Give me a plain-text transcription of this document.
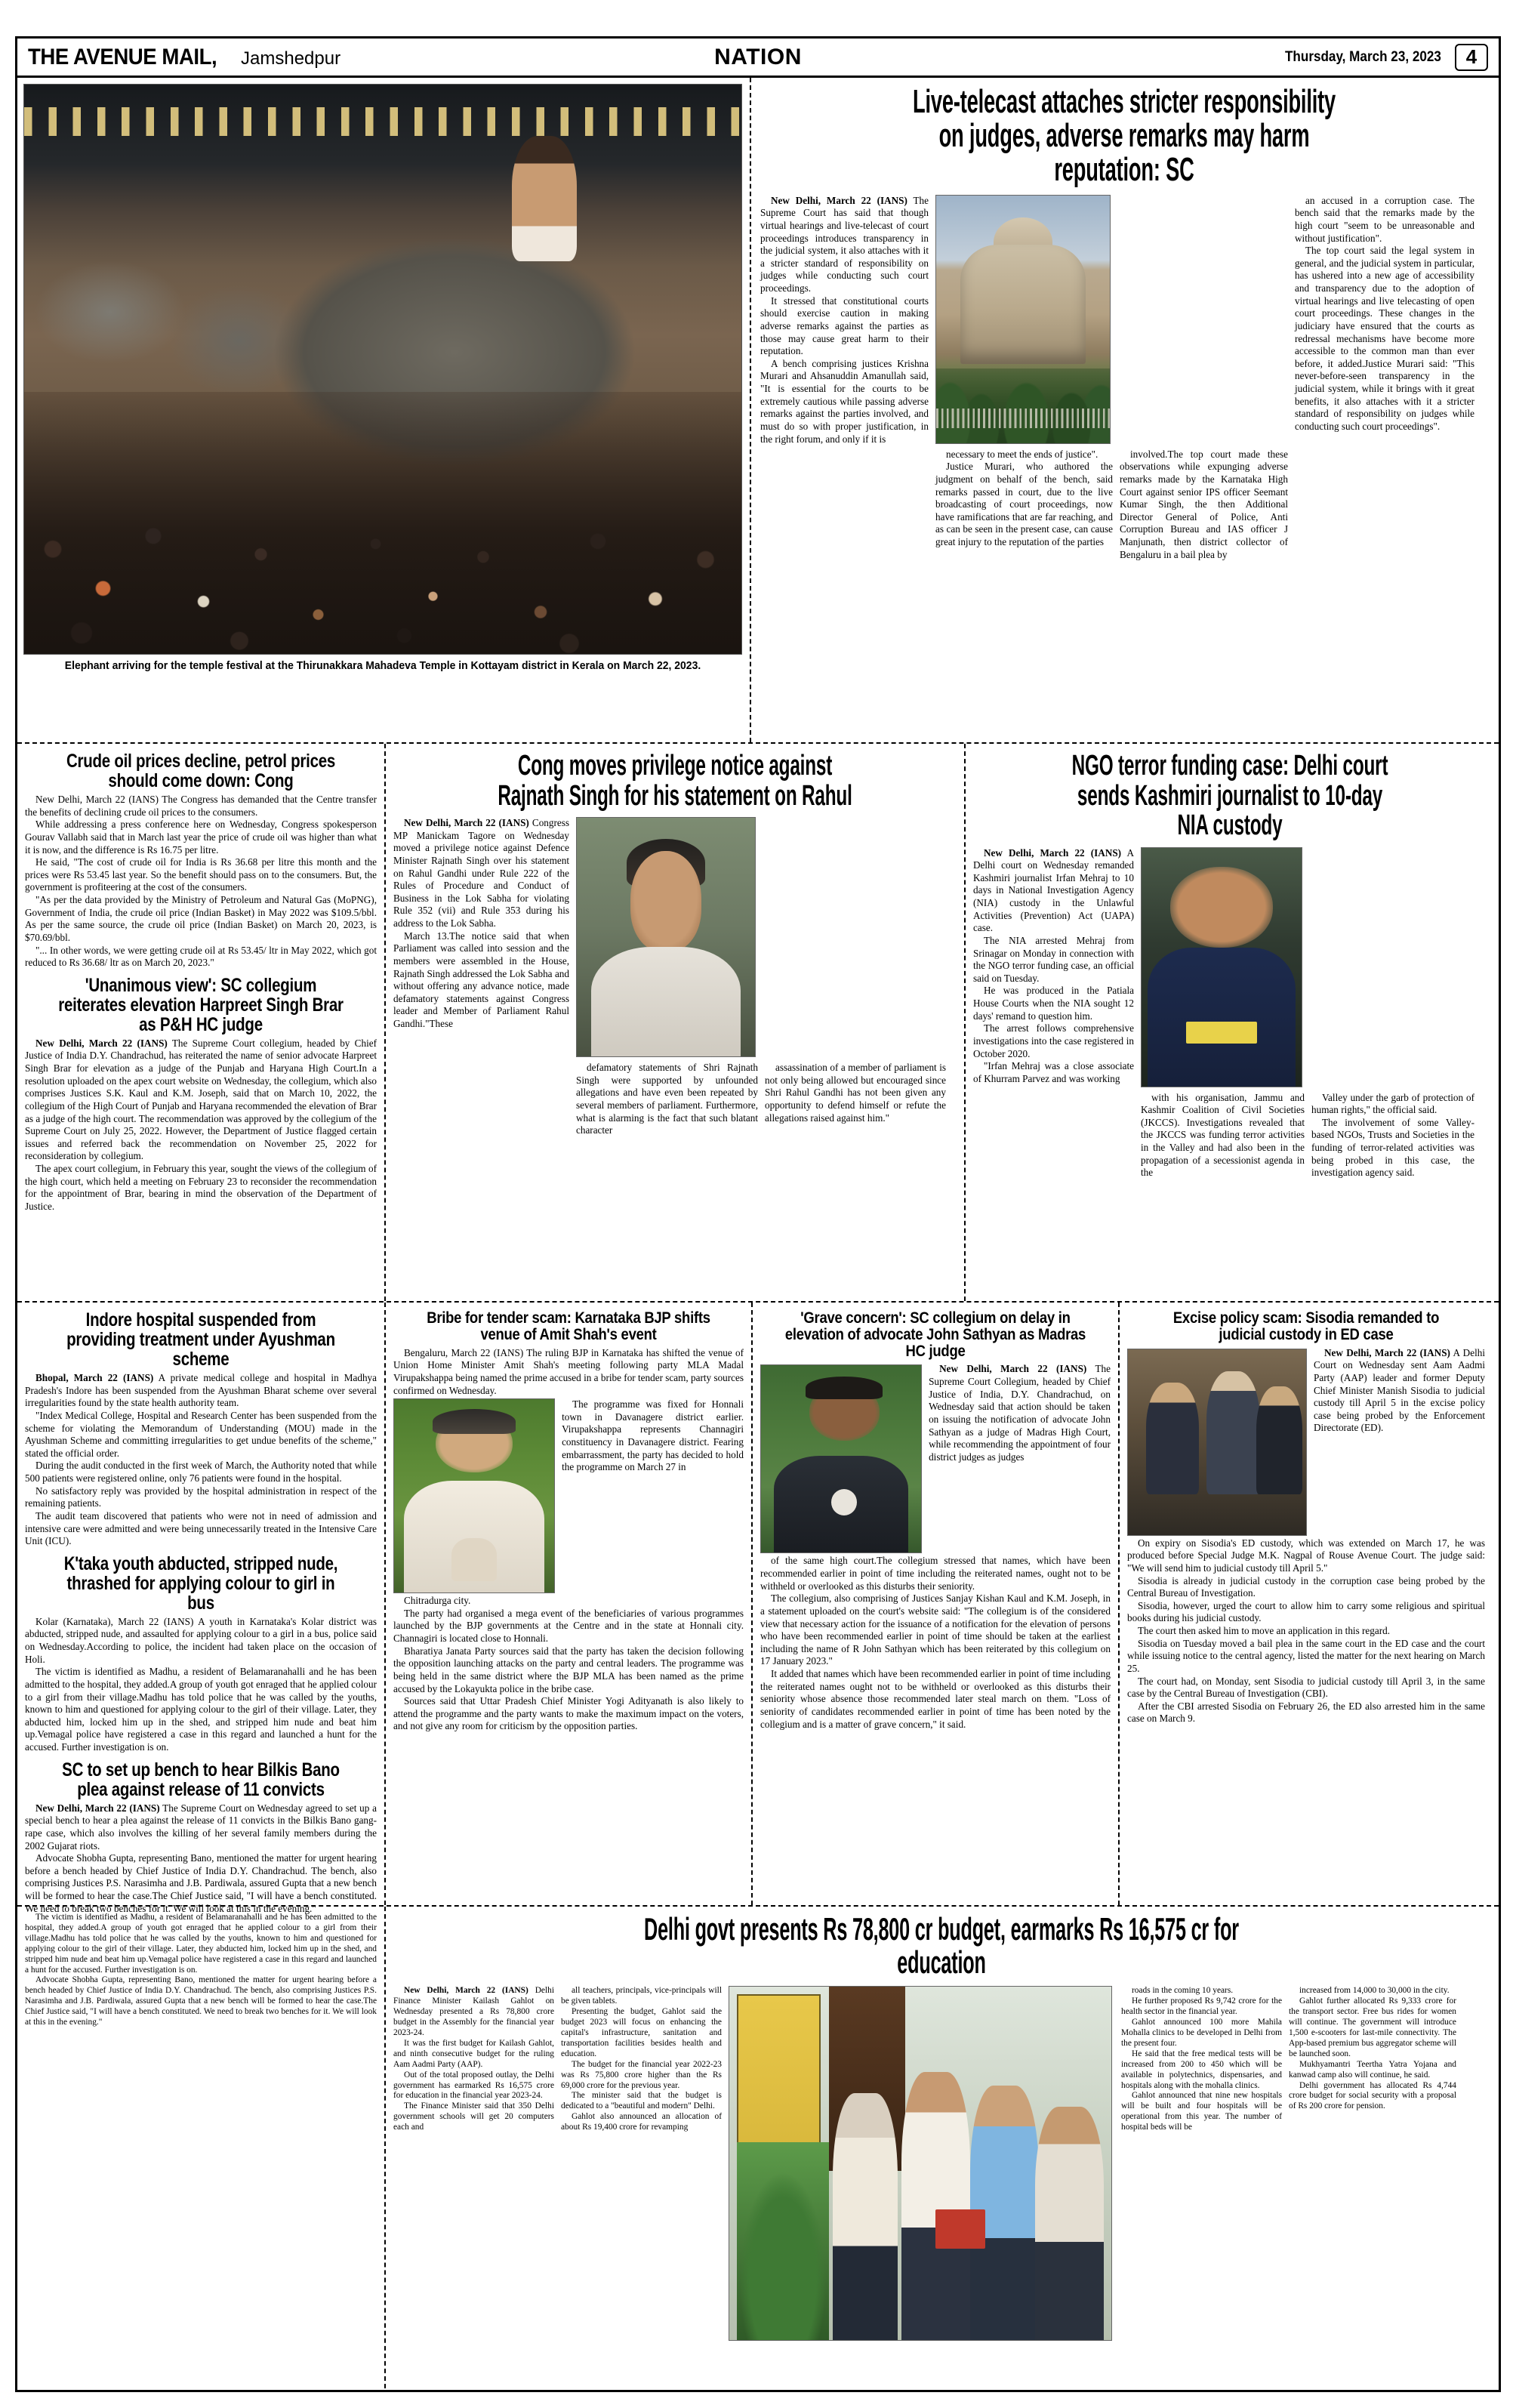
THE AVENUE MAIL, Jamshedpur	NATION	Thursday, March 23, 2023	4
Elephant arriving for the temple festival at the Thirunakkara Mahadeva Temple in Kottayam district in Kerala on March 22, 2023.
Live-telecast attaches stricter responsibility on judges, adverse remarks may harm reputation: SC

New Delhi, March 22 (IANS) The Supreme Court has said that though virtual hearings and live-telecast of court proceedings introduces transparency in the judicial system, it also attaches with it a stricter standard of responsibility on judges while conducting such court proceedings.

It stressed that constitutional courts should exercise caution in making adverse remarks against the parties as those may cause great harm to their reputation.

A bench comprising justices Krishna Murari and Ahsanuddin Amanullah said, "It is essential for the courts to be extremely cautious while passing adverse remarks against the parties involved, and must do so with proper justification, in the right forum, and only if it is

necessary to meet the ends of justice".

Justice Murari, who authored the judgment on behalf of the bench, said remarks passed in court, due to the live broadcasting of court proceedings, now have ramifications that are far reaching, and as can be seen in the present case, can cause great injury to the reputation of the parties

involved.The top court made these observations while expunging adverse remarks made by the Karnataka High Court against senior IPS officer Seemant Kumar Singh, the then Additional Director General of Police, Anti Corruption Bureau and IAS officer J Manjunath, then district collector of Bengaluru in a bail plea by

an accused in a corruption case. The bench said that the remarks made by the high court "seem to be unreasonable and without justification".

The top court said the legal system in general, and the judicial system in particular, has ushered into a new age of accessibility and transparency due to the adoption of virtual hearings and live telecasting of open court proceedings. These changes in the judiciary have ensured that the courts as redressal mechanisms have become more accessible to the common man than ever before, it added.Justice Murari said: "This never-before-seen transparency in the judicial system, while it brings with it great benefits, it also attaches with it a stricter standard of responsibility on judges while conducting such court proceedings".

Crude oil prices decline, petrol prices should come down: Cong

New Delhi, March 22 (IANS) The Congress has demanded that the Centre transfer the benefits of declining crude oil prices to the consumers.

While addressing a press conference here on Wednesday, Congress spokesperson Gourav Vallabh said that in March last year the price of crude oil was higher than what it is now, and the difference is Rs 16.75 per litre.

He said, "The cost of crude oil for India is Rs 36.68 per litre this month and the prices were Rs 53.45 last year. So the benefit should pass on to the consumers. But, the government is profiteering at the cost of the consumers.

"As per the data provided by the Ministry of Petroleum and Natural Gas (MoPNG), Government of India, the crude oil price (Indian Basket) in May 2022 was $109.5/bbl. As per the same source, the crude oil price (Indian Basket) on March 20, 2023, is $70.69/bbl.

"... In other words, we were getting crude oil at Rs 53.45/ ltr in May 2022, which got reduced to Rs 36.68/ ltr as on March 20, 2023."

'Unanimous view': SC collegium reiterates elevation Harpreet Singh Brar as P&H HC judge

New Delhi, March 22 (IANS) The Supreme Court collegium, headed by Chief Justice of India D.Y. Chandrachud, has reiterated the name of senior advocate Harpreet Singh Brar for elevation as a judge of the Punjab and Haryana High Court.In a resolution uploaded on the apex court website on Wednesday, the collegium, which also comprises Justices S.K. Kaul and K.M. Joseph, said that on March 10, 2022, the collegium of the High Court of Punjab and Haryana recommended the elevation of Brar as a judge of the high court. The recommendation was approved by the collegium of the Supreme Court on July 25, 2022. However, the Department of Justice flagged certain issues and referred back the recommendation on November 25, 2022 for reconsideration by collegium.

The apex court collegium, in February this year, sought the views of the collegium of the high court, which held a meeting on February 23 to reconsider the recommendation for the appointment of Brar, bearing in mind the observation of the Department of Justice.

Cong moves privilege notice against Rajnath Singh for his statement on Rahul

New Delhi, March 22 (IANS) Congress MP Manickam Tagore on Wednesday moved a privilege notice against Defence Minister Rajnath Singh over his statement on Rahul Gandhi under Rule 222 of the Rules of Procedure and Conduct of Business in the Lok Sabha for violating Rule 352 (vii) and Rule 353 during his address to the Lok Sabha.

March 13.The notice said that when Parliament was called into session and the members were assembled in the House, Rajnath Singh addressed the Lok Sabha and without offering any advance notice, made defamatory statements against Congress leader and Member of Parliament Rahul Gandhi."These

defamatory statements of Shri Rajnath Singh were supported by unfounded allegations and have even been repeated by several members of parliament. Furthermore, what is alarming is the fact that such blatant character

assassination of a member of parliament is not only being allowed but encouraged since Shri Rahul Gandhi has not been given any opportunity to defend himself or refute the allegations raised against him."

NGO terror funding case: Delhi court sends Kashmiri journalist to 10-day NIA custody

New Delhi, March 22 (IANS) A Delhi court on Wednesday remanded Kashmiri journalist Irfan Mehraj to 10 days in National Investigation Agency (NIA) custody in the Unlawful Activities (Prevention) Act (UAPA) case.

The NIA arrested Mehraj from Srinagar on Monday in connection with the NGO terror funding case, an official said on Tuesday.

He was produced in the Patiala House Courts when the NIA sought 12 days' remand to question him.

The arrest follows comprehensive investigations into the case registered in October 2020.

"Irfan Mehraj was a close associate of Khurram Parvez and was working

with his organisation, Jammu and Kashmir Coalition of Civil Societies (JKCCS). Investigations revealed that the JKCCS was funding terror activities in the Valley and had also been in the propagation of a secessionist agenda in the

Valley under the garb of protection of human rights," the official said.

The involvement of some Valley-based NGOs, Trusts and Societies in the funding of terror-related activities was being probed in this case, the investigation agency said.

Indore hospital suspended from providing treatment under Ayushman scheme

Bhopal, March 22 (IANS) A private medical college and hospital in Madhya Pradesh's Indore has been suspended from the Ayushman Bharat scheme over several irregularities found by the state health authority team.

"Index Medical College, Hospital and Research Center has been suspended from the scheme for violating the Memorandum of Understanding (MOU) made in the Ayushman Scheme and committing irregularities to get undue benefits of the scheme," stated the official order.

During the audit conducted in the first week of March, the Authority noted that while 500 patients were registered online, only 76 patients were found in the hospital.

No satisfactory reply was provided by the hospital administration in respect of the remaining patients.

The audit team discovered that patients who were not in need of admission and intensive care were admitted and were being unnecessarily treated in the Intensive Care Unit (ICU).

K'taka youth abducted, stripped nude, thrashed for applying colour to girl in bus

Kolar (Karnataka), March 22 (IANS) A youth in Karnataka's Kolar district was abducted, stripped nude, and assaulted for applying colour to a girl in a bus, police said on Wednesday.According to police, the incident had taken place on the occasion of Holi.

The victim is identified as Madhu, a resident of Belamaranahalli and he has been admitted to the hospital, they added.A group of youth got enraged that he applied colour to a girl from their village.Madhu has told police that he was called by the youths, known to him and questioned for applying colour to the girl of their village. Later, they abducted him, locked him up in the shed, and stripped him nude and beat him up.Vemagal police have registered a case in this regard and launched a hunt for the accused. Further investigation is on.

SC to set up bench to hear Bilkis Bano plea against release of 11 convicts

New Delhi, March 22 (IANS) The Supreme Court on Wednesday agreed to set up a special bench to hear a plea against the release of 11 convicts in the Bilkis Bano gang-rape case, which also involves the killing of her several family members during the 2002 Gujarat riots.

Advocate Shobha Gupta, representing Bano, mentioned the matter for urgent hearing before a bench headed by Chief Justice of India D.Y. Chandrachud. The bench, also comprising Justices P.S. Narasimha and J.B. Pardiwala, assured Gupta that a new bench will be formed to hear the case.The Chief Justice said, "I will have a bench constituted. We need to break two benches for it. We will look at this in the evening."

Bribe for tender scam: Karnataka BJP shifts venue of Amit Shah's event

Bengaluru, March 22 (IANS) The ruling BJP in Karnataka has shifted the venue of Union Home Minister Amit Shah's meeting following party MLA Madal Virupakshappa being named the prime accused in a bribe for tender scam, party sources confirmed on Wednesday.

The programme was fixed for Honnali town in Davanagere district earlier. Virupakshappa represents Channagiri constituency in Davanagere district. Fearing embarrassment, the party has decided to hold the programme on March 27 in

Chitradurga city.

The party had organised a mega event of the beneficiaries of various programmes launched by the BJP governments at the Centre and in the state at Honnali city. Channagiri is located close to Honnali.

Bharatiya Janata Party sources said that the party has taken the decision following the opposition launching attacks on the party and central leaders. The programme was being held in the same district where the BJP MLA has been named as the prime accused by the Lokayukta police in the bribe case.

Sources said that Uttar Pradesh Chief Minister Yogi Adityanath is also likely to attend the programme and the party wants to make the maximum impact on the voters, and not give any room for criticism by the opposition parties.

'Grave concern': SC collegium on delay in elevation of advocate John Sathyan as Madras HC judge

New Delhi, March 22 (IANS) The Supreme Court Collegium, headed by Chief Justice of India, D.Y. Chandrachud, on Wednesday said that action should be taken on issuing the notification of advocate John Sathyan as a judge of Madras High Court, while recommending the appointment of four district judges as judges

of the same high court.The collegium stressed that names, which have been recommended earlier in point of time including the reiterated names, ought not to be withheld or overlooked as this disturbs their seniority.

The collegium, also comprising of Justices Sanjay Kishan Kaul and K.M. Joseph, in a statement uploaded on the court's website said: "The collegium is of the considered view that necessary action for the issuance of a notification for the elevation of persons who have been recommended earlier in point of time should be taken at the earliest including the name of R John Sathyan which has been reiterated by this collegium on 17 January 2023."

It added that names which have been recommended earlier in point of time including the reiterated names ought not to be withheld or overlooked as this disturbs their seniority whose absence those recommended later steal march on them. "Loss of seniority of candidates recommended earlier in point of time has been noted by the collegium and is a matter of grave concern," it said.

Excise policy scam: Sisodia remanded to judicial custody in ED case

New Delhi, March 22 (IANS) A Delhi Court on Wednesday sent Aam Aadmi Party (AAP) leader and former Deputy Chief Minister Manish Sisodia to judicial custody till April 5 in the excise policy case being probed by the Enforcement Directorate (ED).

On expiry on Sisodia's ED custody, which was extended on March 17, he was produced before Special Judge M.K. Nagpal of Rouse Avenue Court. The judge said: "We will send him to judicial custody till April 5."

Sisodia is already in judicial custody in the corruption case being probed by the Central Bureau of Investigation.

Sisodia, however, urged the court to allow him to carry some religious and spiritual books during his judicial custody.

The court then asked him to move an application in this regard.

Sisodia on Tuesday moved a bail plea in the same court in the ED case and the court while issuing notice to the central agency, listed the matter for the next hearing on March 25.

The court had, on Monday, sent Sisodia to judicial custody till April 3, in the same case by the Central Bureau of Investigation (CBI).

After the CBI arrested Sisodia on February 26, the ED also arrested him in the same case on March 9.

The victim is identified as Madhu, a resident of Belamaranahalli and he has been admitted to the hospital, they added.A group of youth got enraged that he applied colour to a girl from their village.Madhu has told police that he was called by the youths, known to him and questioned for applying colour to the girl of their village. Later, they abducted him, locked him up in the shed, and stripped him nude and beat him up.Vemagal police have registered a case in this regard and launched a hunt for the accused. Further investigation is on.

Advocate Shobha Gupta, representing Bano, mentioned the matter for urgent hearing before a bench headed by Chief Justice of India D.Y. Chandrachud. The bench, also comprising Justices P.S. Narasimha and J.B. Pardiwala, assured Gupta that a new bench will be formed to hear the case.The Chief Justice said, "I will have a bench constituted. We need to break two benches for it. We will look at this in the evening."

Delhi govt presents Rs 78,800 cr budget, earmarks Rs 16,575 cr for education

New Delhi, March 22 (IANS) Delhi Finance Minister Kailash Gahlot on Wednesday presented a Rs 78,800 crore budget in the Assembly for the financial year 2023-24.

It was the first budget for Kailash Gahlot, and ninth consecutive budget for the ruling Aam Aadmi Party (AAP).

Out of the total proposed outlay, the Delhi government has earmarked Rs 16,575 crore for education in the financial year 2023-24.

The Finance Minister said that 350 Delhi government schools will get 20 computers each and

all teachers, principals, vice-principals will be given tablets.

Presenting the budget, Gahlot said the budget 2023 will focus on enhancing the capital's infrastructure, sanitation and transportation facilities besides health and education.

The budget for the financial year 2022-23 was Rs 75,800 crore higher than the Rs 69,000 crore for the previous year.

The minister said that the budget is dedicated to a "beautiful and modern" Delhi.

Gahlot also announced an allocation of about Rs 19,400 crore for revamping

roads in the coming 10 years.

He further proposed Rs 9,742 crore for the health sector in the financial year.

Gahlot announced 100 more Mahila Mohalla clinics to be developed in Delhi from the present four.

He said that the free medical tests will be increased from 200 to 450 which will be available in polytechnics, dispensaries, and hospitals along with the mohalla clinics.

Gahlot announced that nine new hospitals will be built and four hospitals will be operational from this year. The number of hospital beds will be

increased from 14,000 to 30,000 in the city.

Gahlot further allocated Rs 9,333 crore for the transport sector. Free bus rides for women will continue. The government will introduce 1,500 e-scooters for last-mile connectivity. The App-based premium bus aggregator scheme will be launched soon.

Mukhyamantri Teertha Yatra Yojana and kanwad camp also will continue, he said.

Delhi government has allocated Rs 4,744 crore budget for social security with a proposal of Rs 200 crore for pension.
